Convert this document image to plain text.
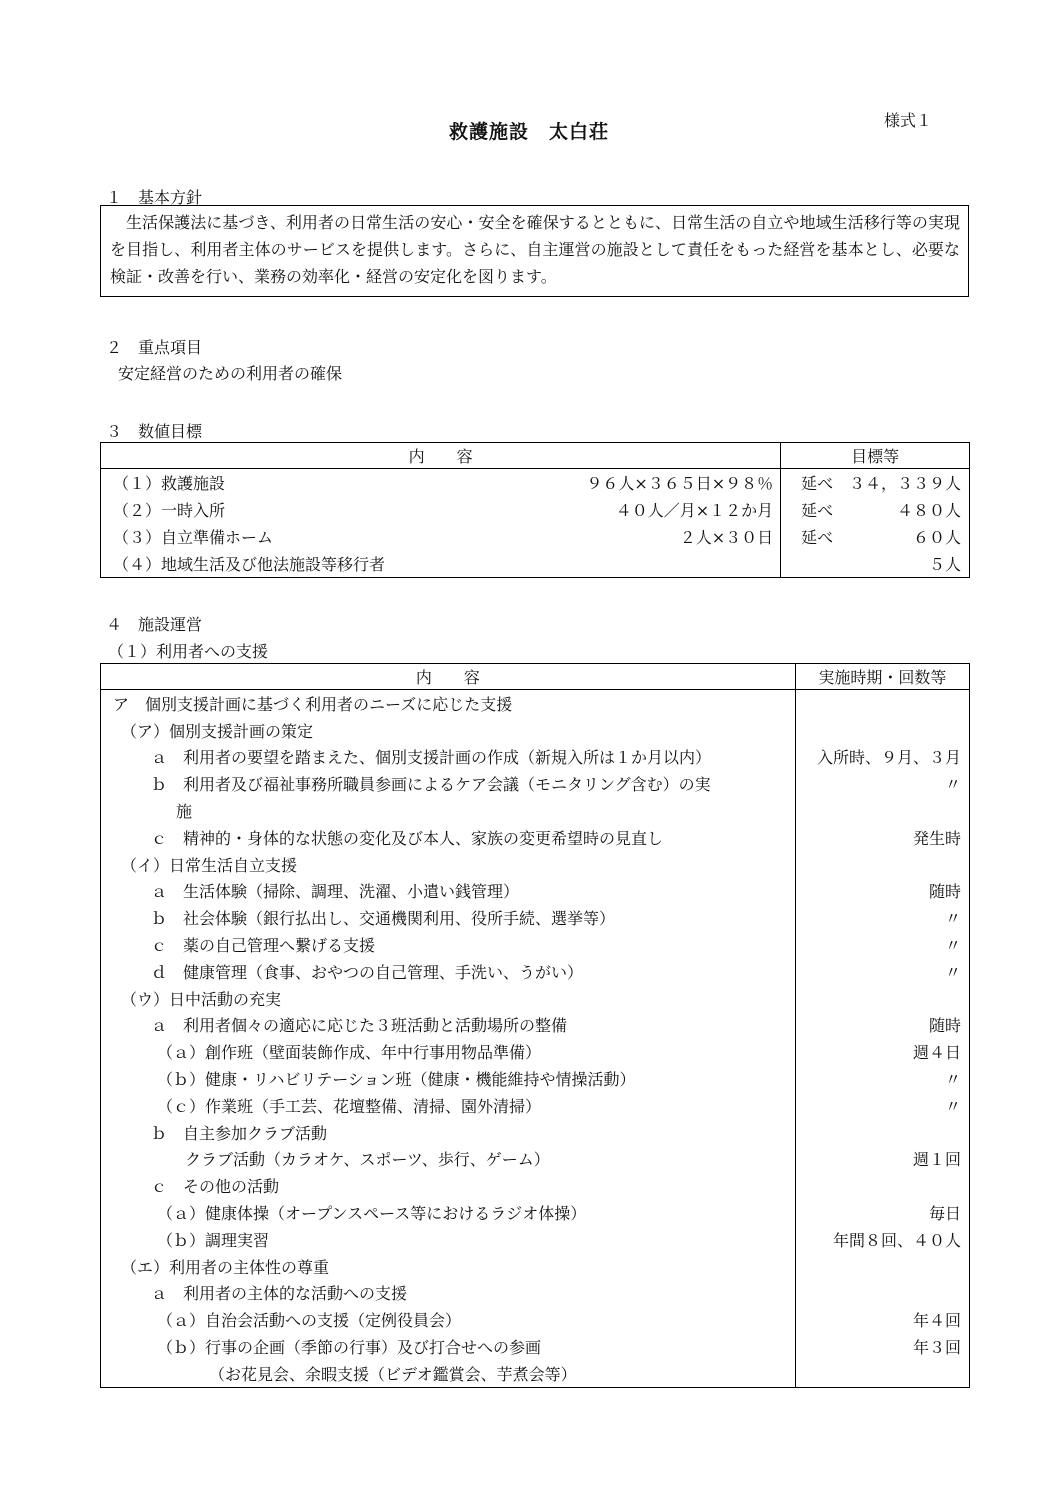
救護施設　太白荘
様式１
１　基本方針
生活保護法に基づき、利用者の日常生活の安心・安全を確保するとともに、日常生活の自立や地域生活移行等の実現を目指し、利用者主体のサービスを提供します。さらに、自主運営の施設として責任をもった経営を基本とし、必要な検証・改善を行い、業務の効率化・経営の安定化を図ります。
２　重点項目
安定経営のための利用者の確保
３　数値目標
内　　容	目標等

（１）救護施設 ９６人×３６５日×９８％	延べ ３４，３３９人

（２）一時入所 ４０人／月×１２か月	延べ ４８０人

（３）自立準備ホーム ２人×３０日	延べ ６０人

（４）地域生活及び他法施設等移行者	５人
４　施設運営
（１）利用者への支援
内　　容	実施時期・回数等
ア　個別支援計画に基づく利用者のニーズに応じた支援	
（ア）個別支援計画の策定	
ａ　利用者の要望を踏まえた、個別支援計画の作成（新規入所は１か月以内）	入所時、９月、３月
ｂ　利用者及び福祉事務所職員参画によるケア会議（モニタリング含む）の実	〃
施	
ｃ　精神的・身体的な状態の変化及び本人、家族の変更希望時の見直し	発生時
（イ）日常生活自立支援	
ａ　生活体験（掃除、調理、洗濯、小遣い銭管理）	随時
ｂ　社会体験（銀行払出し、交通機関利用、役所手続、選挙等）	〃
ｃ　薬の自己管理へ繋げる支援	〃
ｄ　健康管理（食事、おやつの自己管理、手洗い、うがい）	〃
（ウ）日中活動の充実	
ａ　利用者個々の適応に応じた３班活動と活動場所の整備	随時
（ａ）創作班（壁面装飾作成、年中行事用物品準備）	週４日
（ｂ）健康・リハビリテーション班（健康・機能維持や情操活動）	〃
（ｃ）作業班（手工芸、花壇整備、清掃、園外清掃）	〃
ｂ　自主参加クラブ活動	
クラブ活動（カラオケ、スポーツ、歩行、ゲーム）	週１回
ｃ　その他の活動	
（ａ）健康体操（オープンスペース等におけるラジオ体操）	毎日
（ｂ）調理実習	年間８回、４０人
（エ）利用者の主体性の尊重	
ａ　利用者の主体的な活動への支援	
（ａ）自治会活動への支援（定例役員会）	年４回
（ｂ）行事の企画（季節の行事）及び打合せへの参画	年３回
（お花見会、余暇支援（ビデオ鑑賞会、芋煮会等）	
